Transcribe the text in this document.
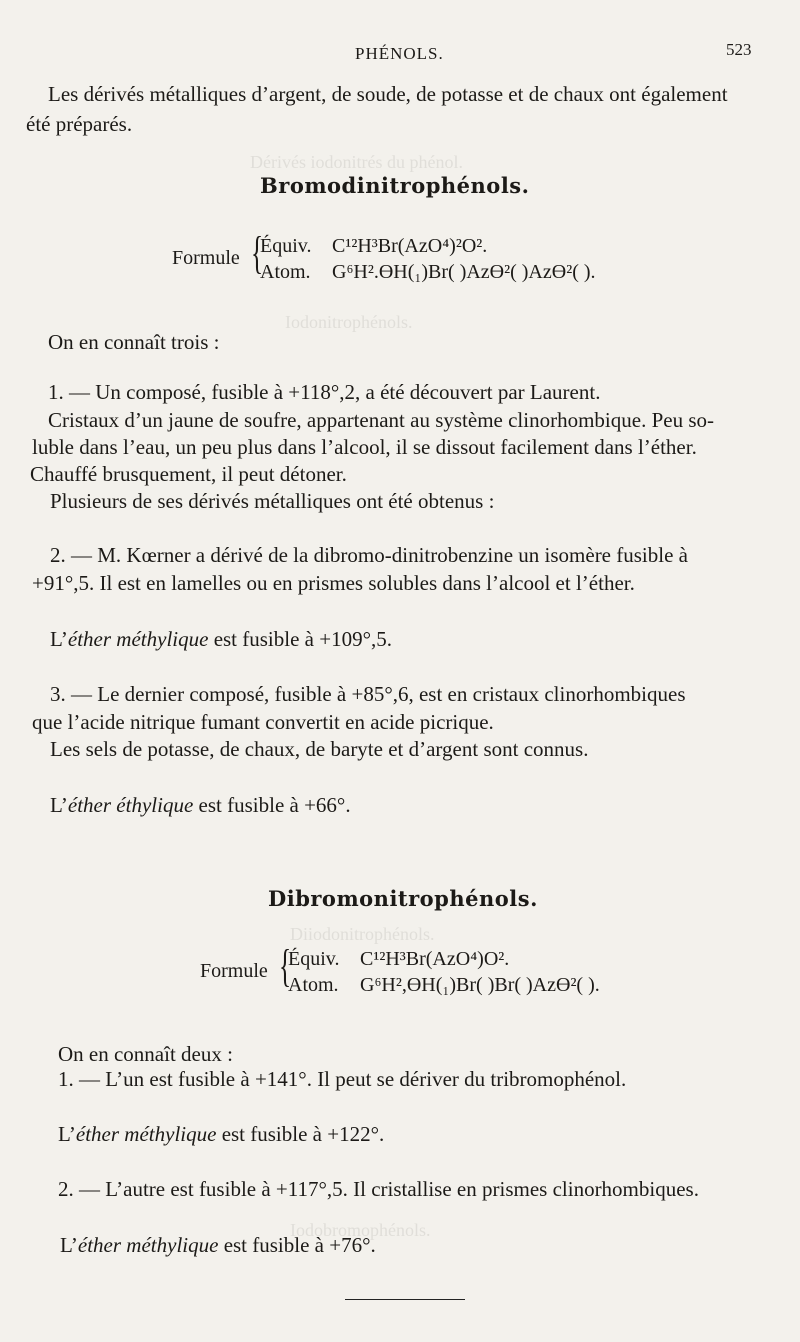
Dérivés iodonitrés du phénol.
Iodonitrophénols.
Diiodonitrophénols.
Iodobromophénols.
PHÉNOLS.	523
Les dérivés métalliques d’argent, de soude, de potasse et de chaux ont également
été préparés.
Bromodinitrophénols.
Formule {
Équiv. C¹²H³Br(AzO⁴)²O².
Atom. G⁶H².ƟH(₁)Br( )AzƟ²( )AzƟ²( ).
On en connaît trois :
1. — Un composé, fusible à +118°,2, a été découvert par Laurent.
Cristaux d’un jaune de soufre, appartenant au système clinorhombique. Peu so-
luble dans l’eau, un peu plus dans l’alcool, il se dissout facilement dans l’éther.
Chauffé brusquement, il peut détoner.
Plusieurs de ses dérivés métalliques ont été obtenus :
2. — M. Kœrner a dérivé de la dibromo-dinitrobenzine un isomère fusible à
+91°,5. Il est en lamelles ou en prismes solubles dans l’alcool et l’éther.
L’éther méthylique est fusible à +109°,5.
3. — Le dernier composé, fusible à +85°,6, est en cristaux clinorhombiques
que l’acide nitrique fumant convertit en acide picrique.
Les sels de potasse, de chaux, de baryte et d’argent sont connus.
L’éther éthylique est fusible à +66°.
Dibromonitrophénols.
Formule {
Équiv. C¹²H³Br(AzO⁴)O².
Atom. G⁶H²,ƟH(₁)Br( )Br( )AzƟ²( ).
On en connaît deux :
1. — L’un est fusible à +141°. Il peut se dériver du tribromophénol.
L’éther méthylique est fusible à +122°.
2. — L’autre est fusible à +117°,5. Il cristallise en prismes clinorhombiques.
L’éther méthylique est fusible à +76°.
